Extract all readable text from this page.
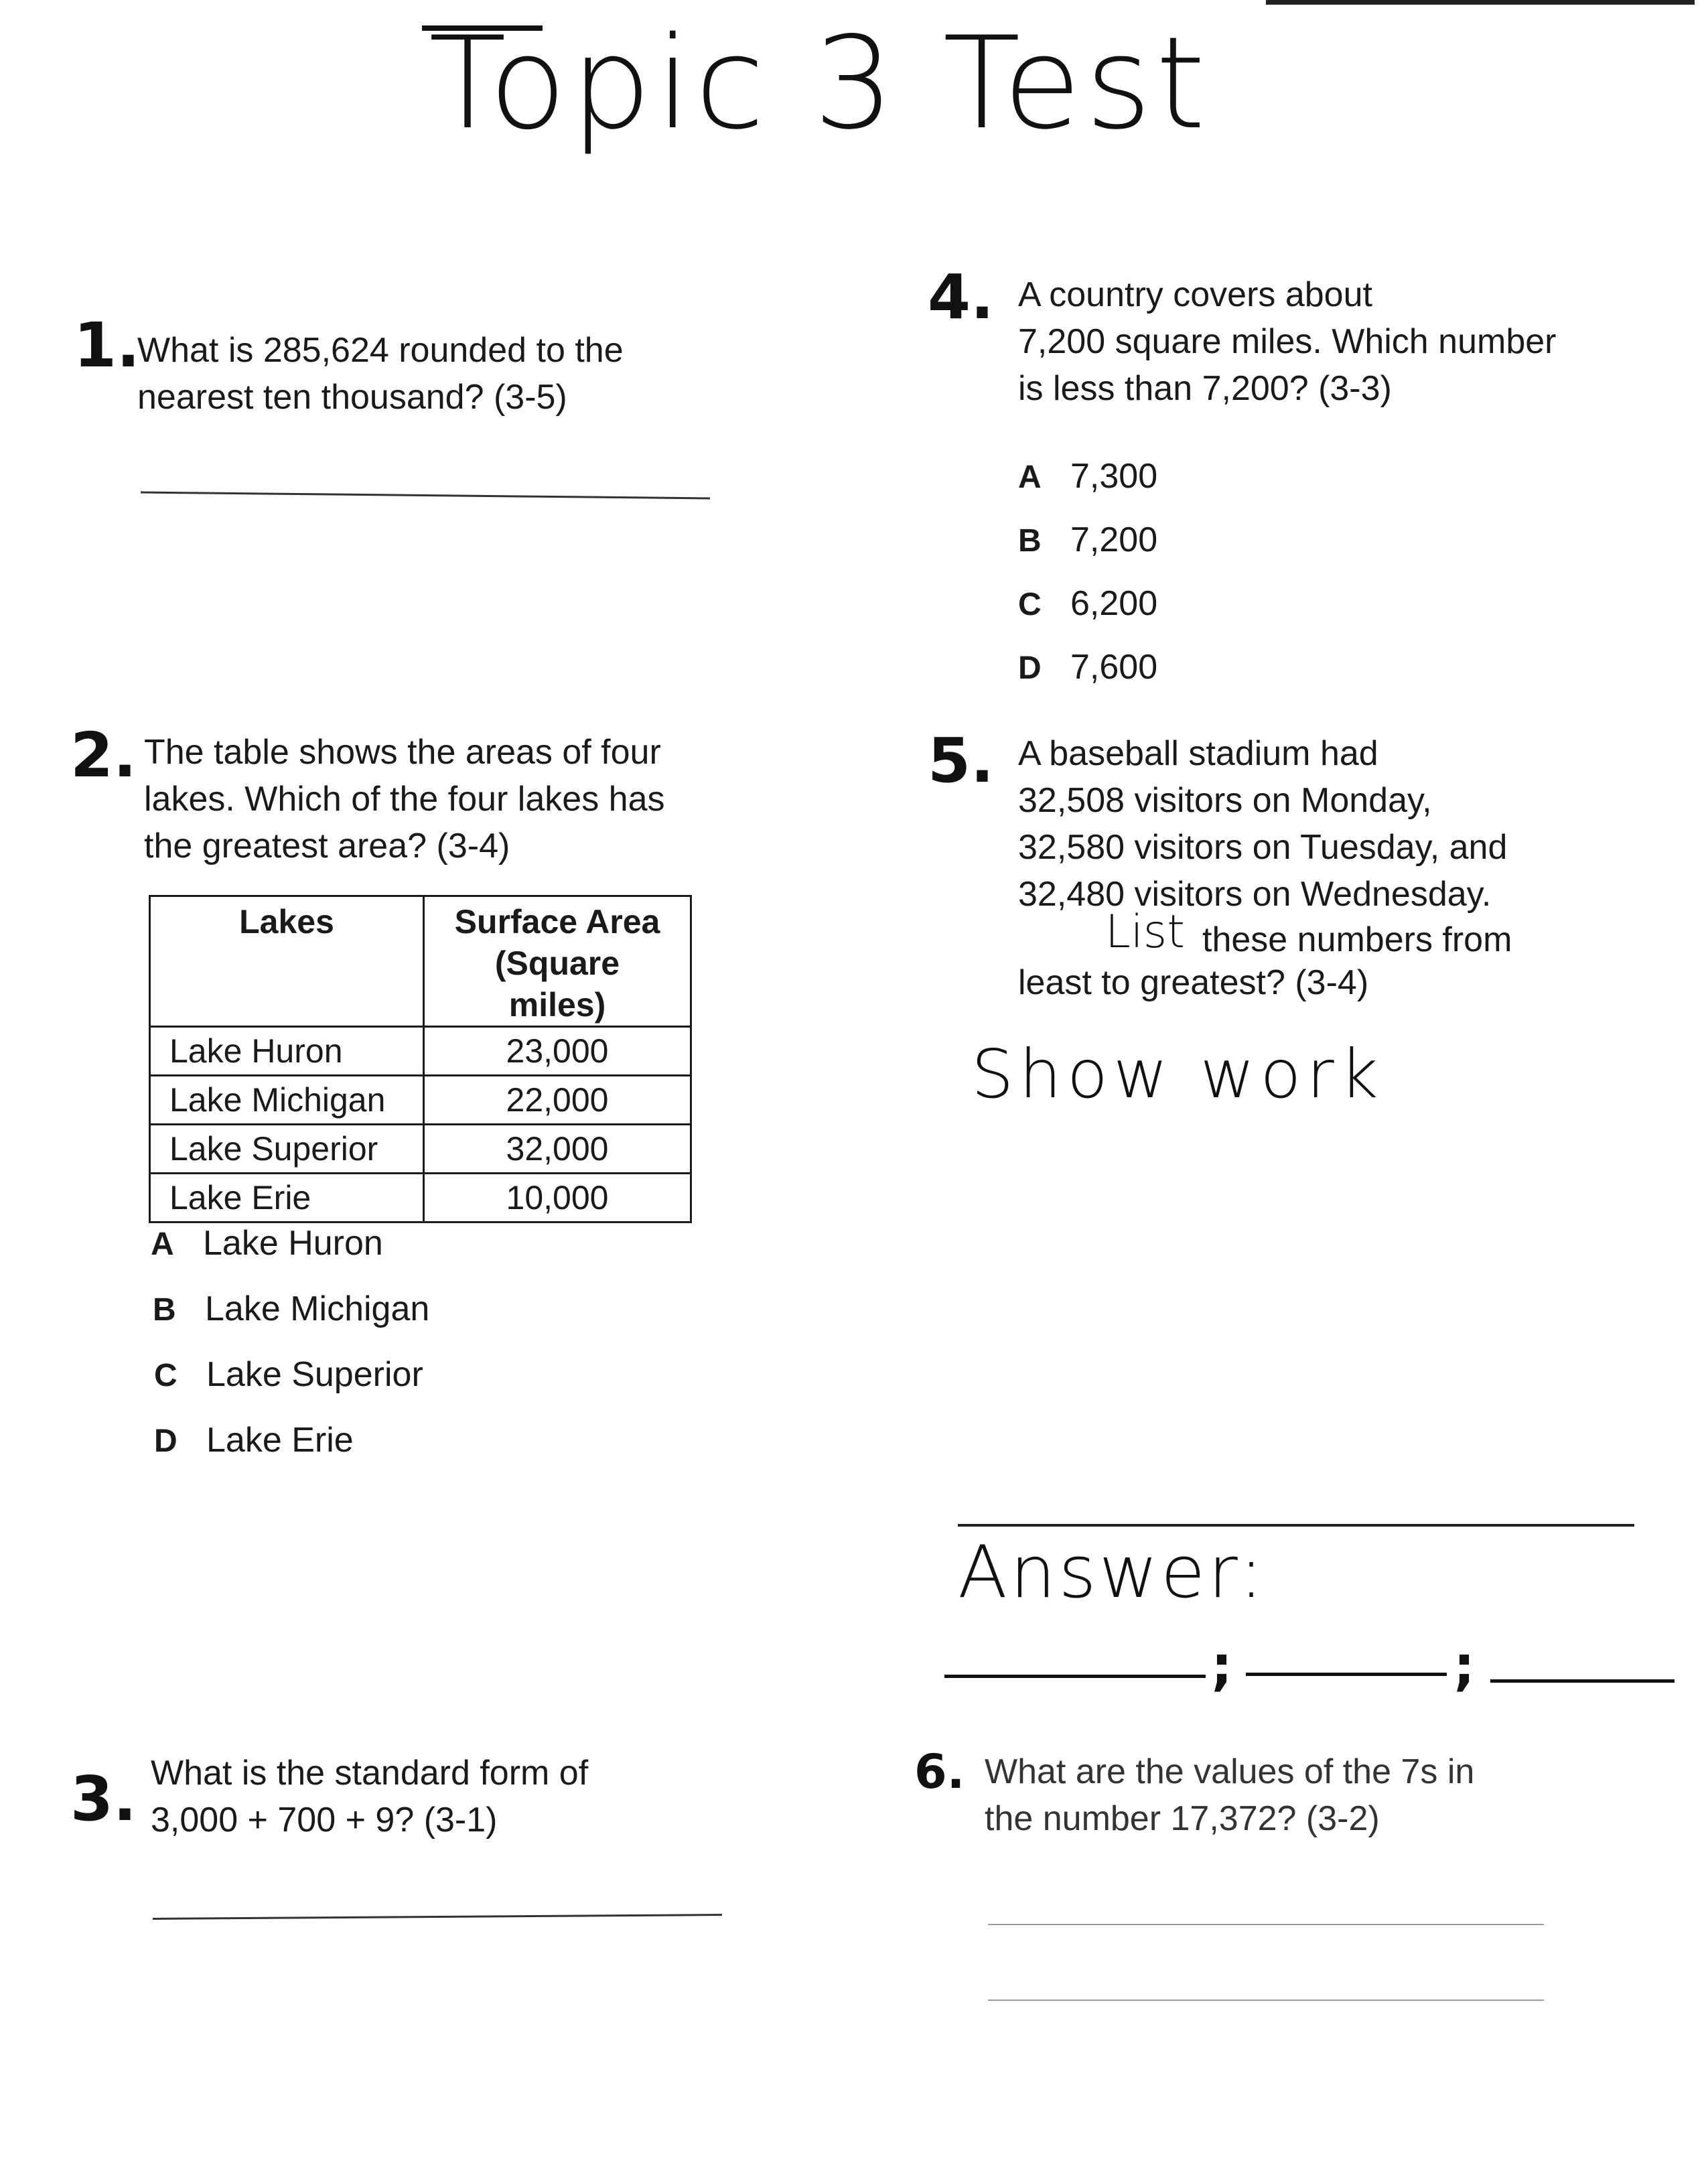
Topic 3 Test
1.
What is 285,624 rounded to the
nearest ten thousand? (3-5)
2. The table shows the areas of four
lakes. Which of the four lakes has
the greatest area? (3-4)
Lakes	Surface Area
(Square miles)
Lake Huron	23,000
Lake Michigan	22,000
Lake Superior	32,000
Lake Erie	10,000
A Lake Huron
B Lake Michigan
C Lake Superior
D Lake Erie
3. What is the standard form of
3,000 + 700 + 9? (3-1)
4. A country covers about
7,200 square miles. Which number
is less than 7,200? (3-3)
A 7,300
B 7,200
C 6,200
D 7,600
5. A baseball stadium had
32,508 visitors on Monday,
32,580 visitors on Tuesday, and
32,480 visitors on Wednesday.
List these numbers from
least to greatest? (3-4)
Show work
Answer:
;	;
6. What are the values of the 7s in
the number 17,372? (3-2)
